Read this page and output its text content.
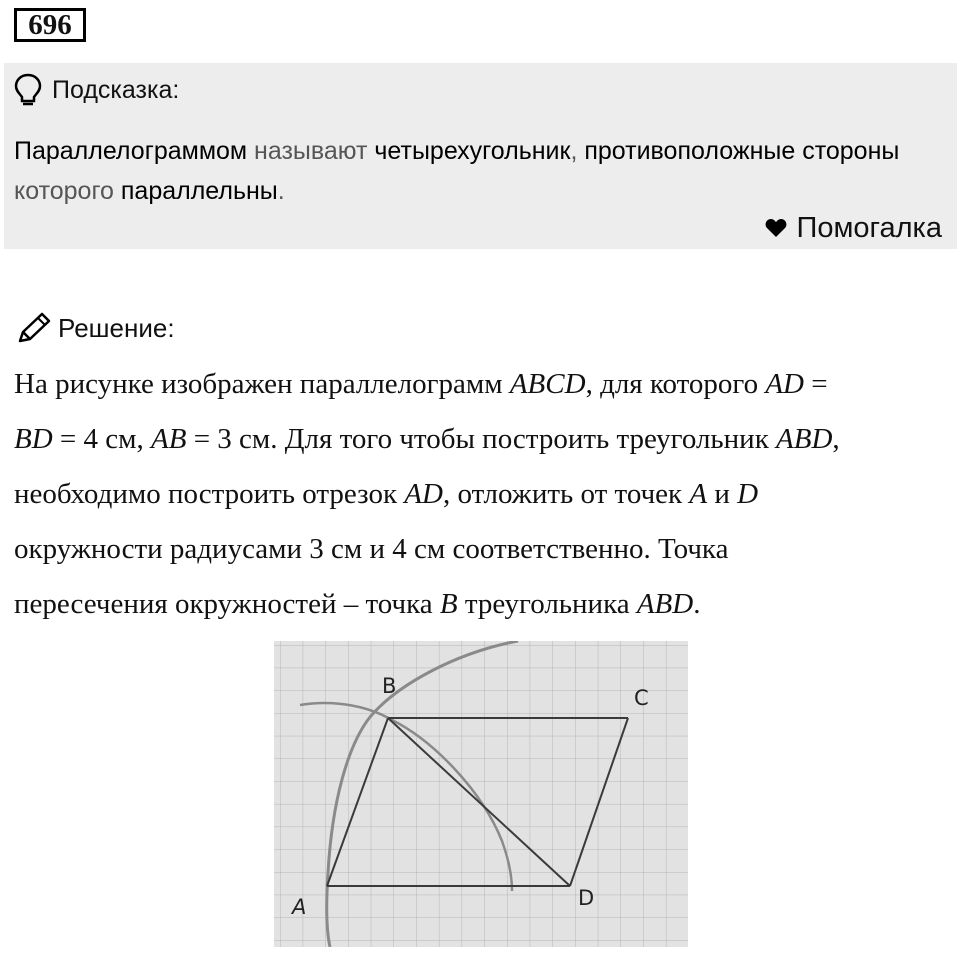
696
Подсказка:
Параллелограммом называют четырехугольник, противоположные стороны которого параллельны.
Помогалка
Решение:

На рисунке изображен параллелограмм ABCD, для которого AD =

BD = 4 см, AB = 3 см. Для того чтобы построить треугольник ABD,

необходимо построить отрезок AD, отложить от точек A и D

окружности радиусами 3 см и 4 см соответственно. Точка

пересечения окружностей – точка B треугольника ABD.

B	C
A	D
